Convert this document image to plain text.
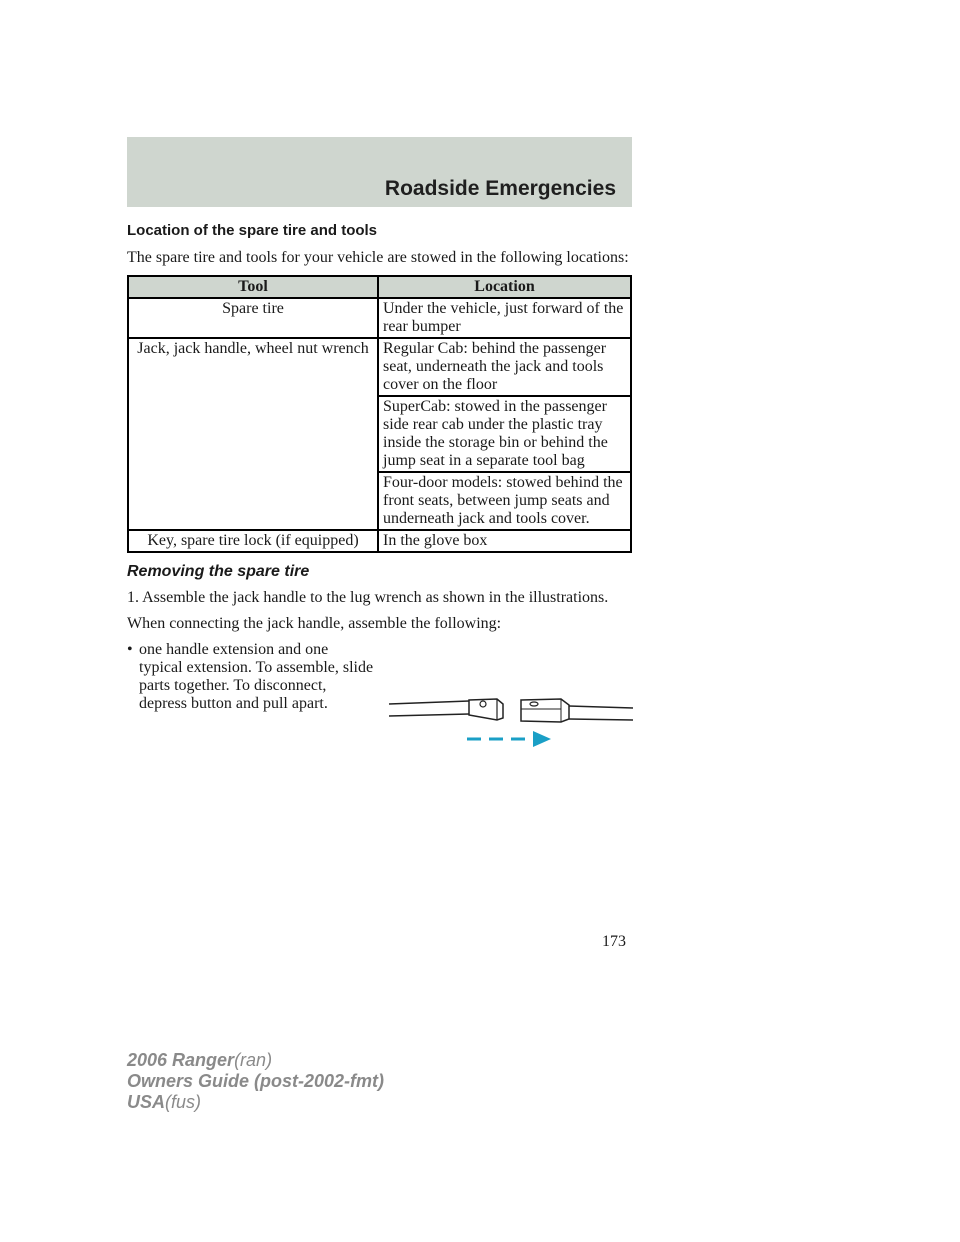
Roadside Emergencies
Location of the spare tire and tools

The spare tire and tools for your vehicle are stowed in the following locations:

Tool	Location
Spare tire	Under the vehicle, just forward of the rear bumper
Jack, jack handle, wheel nut wrench	Regular Cab: behind the passenger seat, underneath the jack and tools cover on the floor
	SuperCab: stowed in the passenger side rear cab under the plastic tray inside the storage bin or behind the jump seat in a separate tool bag
	Four-door models: stowed behind the front seats, between jump seats and underneath jack and tools cover.
Key, spare tire lock (if equipped)	In the glove box
Removing the spare tire

1. Assemble the jack handle to the lug wrench as shown in the illustrations.

When connecting the jack handle, assemble the following:

• one handle extension and one typical extension. To assemble, slide parts together. To disconnect, depress button and pull apart.
173
2006 Ranger(ran)
Owners Guide (post-2002-fmt)
USA(fus)
